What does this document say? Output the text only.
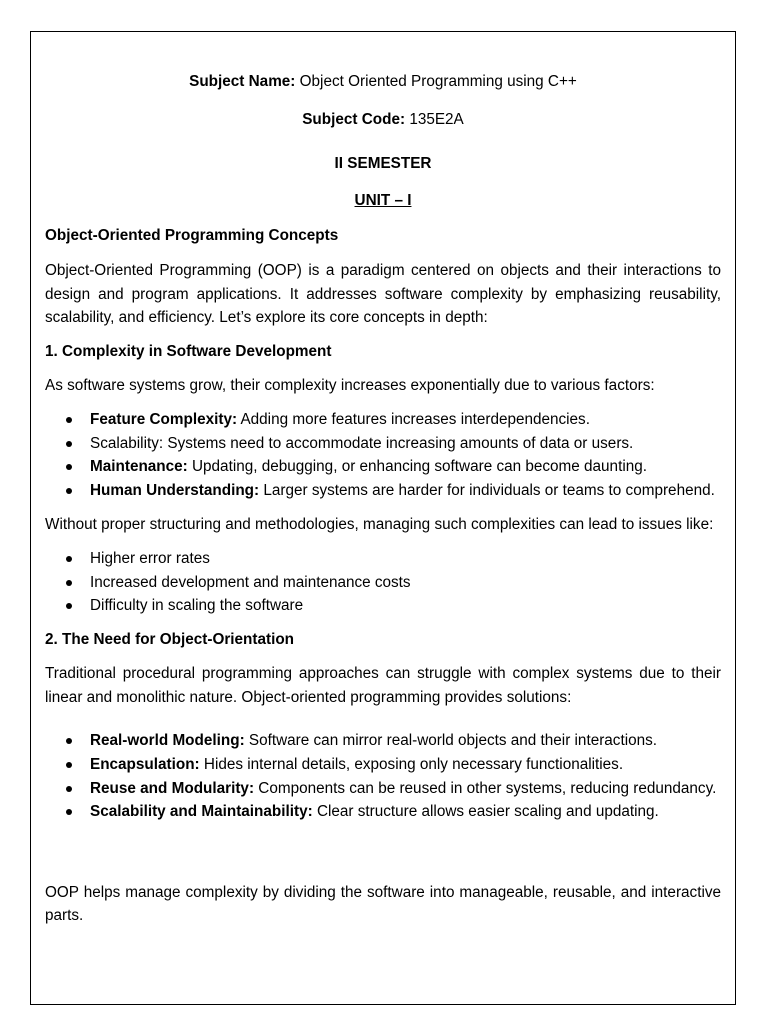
Subject Name: Object Oriented Programming using C++

Subject Code: 135E2A

II SEMESTER

UNIT – I

Object-Oriented Programming Concepts

Object-Oriented Programming (OOP) is a paradigm centered on objects and their interactions to design and program applications. It addresses software complexity by emphasizing reusability, scalability, and efficiency. Let’s explore its core concepts in depth:

1. Complexity in Software Development

As software systems grow, their complexity increases exponentially due to various factors:

Feature Complexity: Adding more features increases interdependencies.
Scalability: Systems need to accommodate increasing amounts of data or users.
Maintenance: Updating, debugging, or enhancing software can become daunting.
Human Understanding: Larger systems are harder for individuals or teams to comprehend.

Without proper structuring and methodologies, managing such complexities can lead to issues like:

Higher error rates
Increased development and maintenance costs
Difficulty in scaling the software

2. The Need for Object-Orientation

Traditional procedural programming approaches can struggle with complex systems due to their linear and monolithic nature. Object-oriented programming provides solutions:

Real-world Modeling: Software can mirror real-world objects and their interactions.
Encapsulation: Hides internal details, exposing only necessary functionalities.
Reuse and Modularity: Components can be reused in other systems, reducing redundancy.
Scalability and Maintainability: Clear structure allows easier scaling and updating.

OOP helps manage complexity by dividing the software into manageable, reusable, and interactive parts.
